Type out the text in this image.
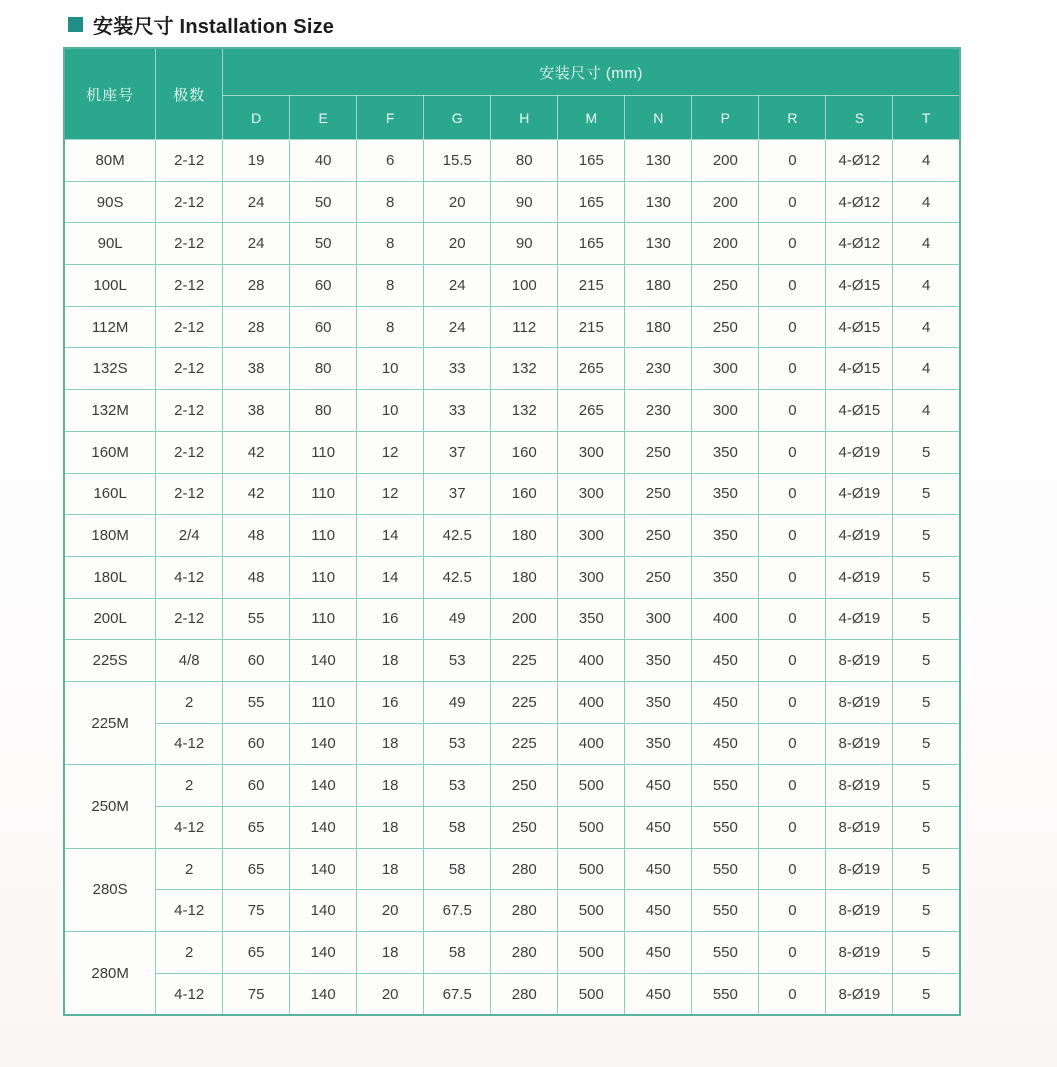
安装尺寸 Installation Size
机座号	极数	安装尺寸 (mm)										
		D	E	F	G	H	M	N	P	R	S	T
80M	2-12	19	40	6	15.5	80	165	130	200	0	4-Ø12	4
90S	2-12	24	50	8	20	90	165	130	200	0	4-Ø12	4
90L	2-12	24	50	8	20	90	165	130	200	0	4-Ø12	4
100L	2-12	28	60	8	24	100	215	180	250	0	4-Ø15	4
112M	2-12	28	60	8	24	112	215	180	250	0	4-Ø15	4
132S	2-12	38	80	10	33	132	265	230	300	0	4-Ø15	4
132M	2-12	38	80	10	33	132	265	230	300	0	4-Ø15	4
160M	2-12	42	110	12	37	160	300	250	350	0	4-Ø19	5
160L	2-12	42	110	12	37	160	300	250	350	0	4-Ø19	5
180M	2/4	48	110	14	42.5	180	300	250	350	0	4-Ø19	5
180L	4-12	48	110	14	42.5	180	300	250	350	0	4-Ø19	5
200L	2-12	55	110	16	49	200	350	300	400	0	4-Ø19	5
225S	4/8	60	140	18	53	225	400	350	450	0	8-Ø19	5
225M	2	55	110	16	49	225	400	350	450	0	8-Ø19	5
	4-12	60	140	18	53	225	400	350	450	0	8-Ø19	5
250M	2	60	140	18	53	250	500	450	550	0	8-Ø19	5
	4-12	65	140	18	58	250	500	450	550	0	8-Ø19	5
280S	2	65	140	18	58	280	500	450	550	0	8-Ø19	5
	4-12	75	140	20	67.5	280	500	450	550	0	8-Ø19	5
280M	2	65	140	18	58	280	500	450	550	0	8-Ø19	5
	4-12	75	140	20	67.5	280	500	450	550	0	8-Ø19	5
